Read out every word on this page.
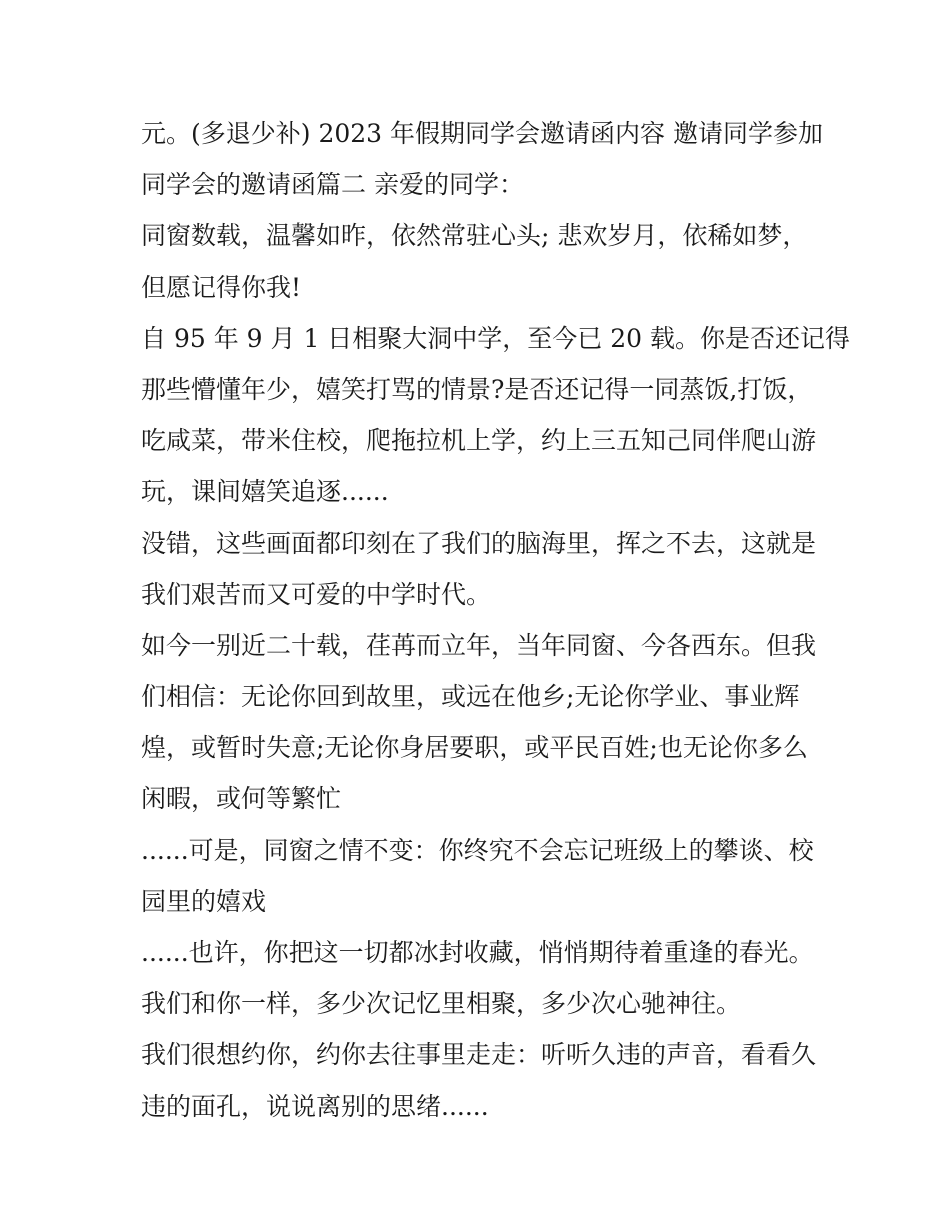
元。(多退少补) 2023 年假期同学会邀请函内容 邀请同学参加
同学会的邀请函篇二 亲爱的同学：
同窗数载，温馨如昨，依然常驻心头; 悲欢岁月，依稀如梦，
但愿记得你我!
自 95 年 9 月 1 日相聚大洞中学，至今已 20 载。你是否还记得
那些懵懂年少，嬉笑打骂的情景?是否还记得一同蒸饭,打饭，
吃咸菜，带米住校，爬拖拉机上学，约上三五知己同伴爬山游
玩，课间嬉笑追逐......
没错，这些画面都印刻在了我们的脑海里，挥之不去，这就是
我们艰苦而又可爱的中学时代。
如今一别近二十载，荏苒而立年，当年同窗、今各西东。但我
们相信：无论你回到故里，或远在他乡;无论你学业、事业辉
煌，或暂时失意;无论你身居要职，或平民百姓;也无论你多么
闲暇，或何等繁忙
......可是，同窗之情不变：你终究不会忘记班级上的攀谈、校
园里的嬉戏
......也许，你把这一切都冰封收藏，悄悄期待着重逢的春光。
我们和你一样，多少次记忆里相聚，多少次心驰神往。
我们很想约你，约你去往事里走走：听听久违的声音，看看久
违的面孔，说说离别的思绪......
